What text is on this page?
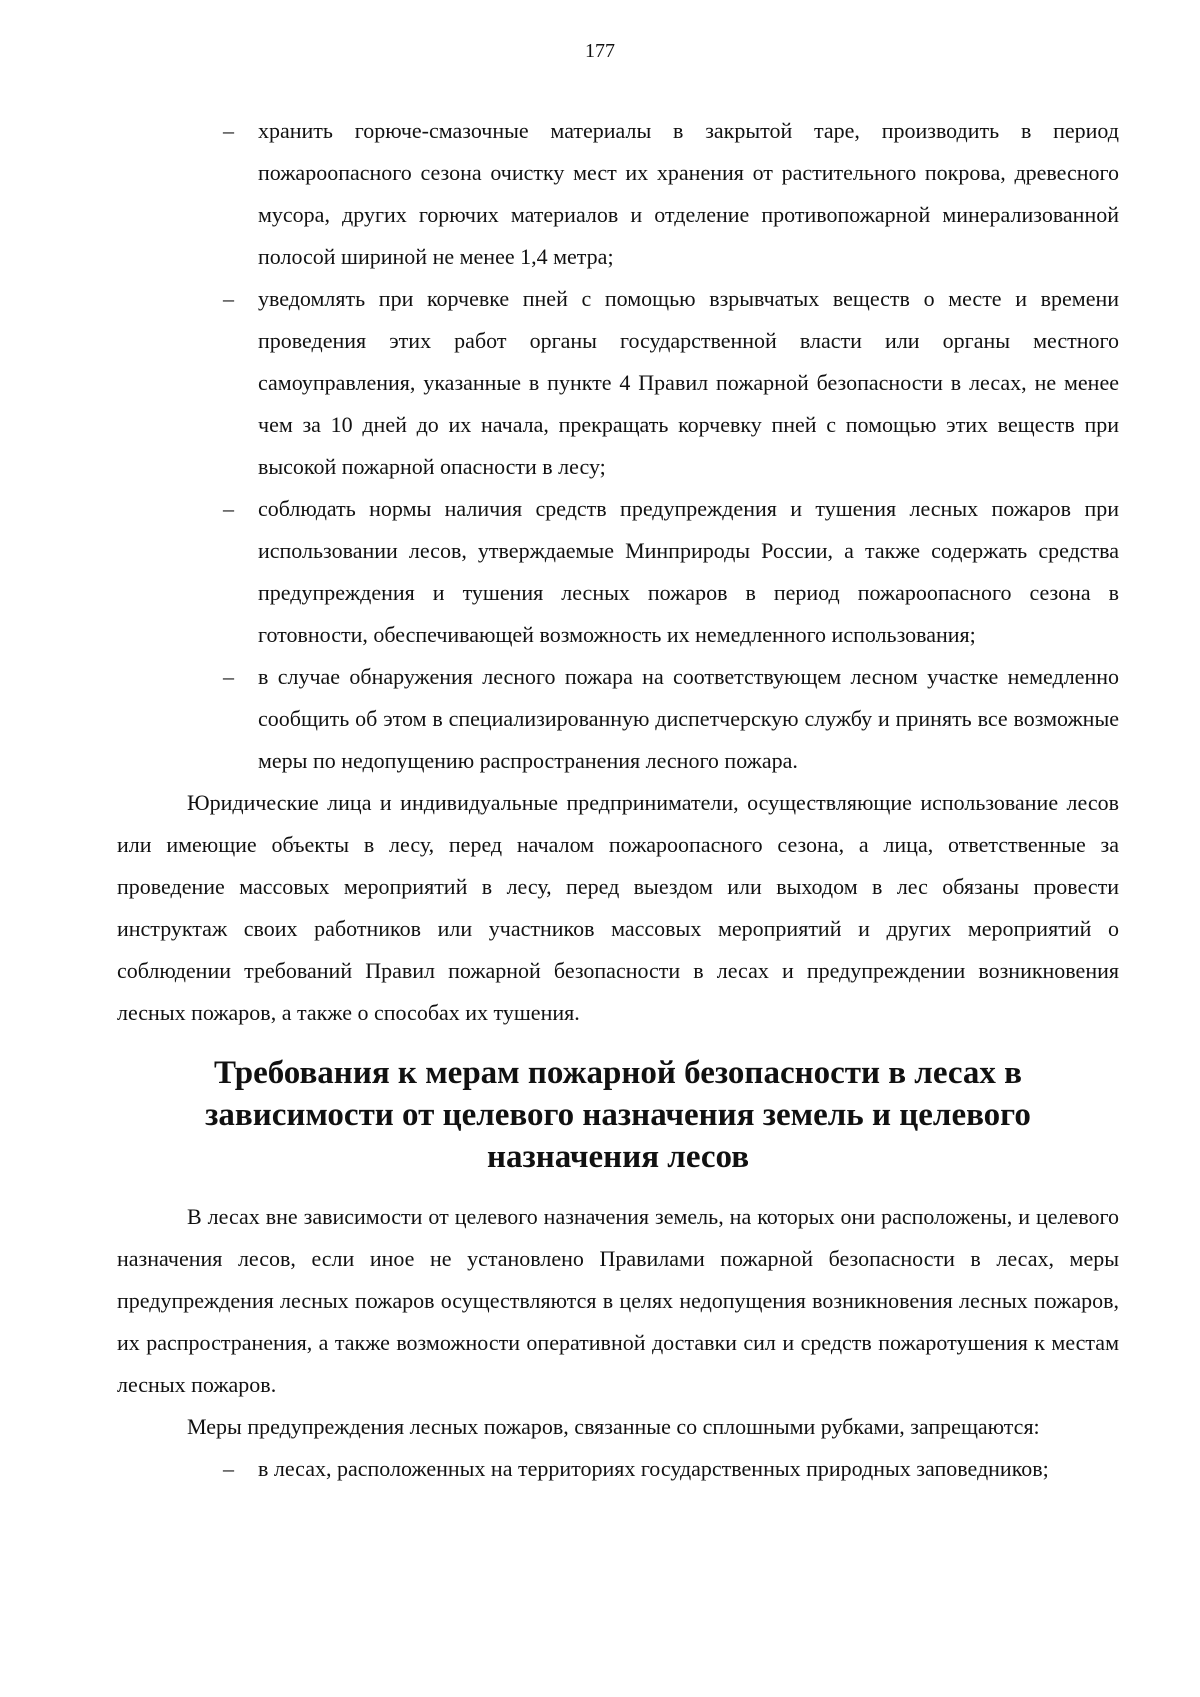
177
– хранить горюче-смазочные материалы в закрытой таре, производить в период пожароопасного сезона очистку мест их хранения от растительного покрова, древесного мусора, других горючих материалов и отделение противопожарной минерализованной полосой шириной не менее 1,4 метра;
– уведомлять при корчевке пней с помощью взрывчатых веществ о месте и времени проведения этих работ органы государственной власти или органы местного самоуправления, указанные в пункте 4 Правил пожарной безопасности в лесах, не менее чем за 10 дней до их начала, прекращать корчевку пней с помощью этих веществ при высокой пожарной опасности в лесу;
– соблюдать нормы наличия средств предупреждения и тушения лесных пожаров при использовании лесов, утверждаемые Минприроды России, а также содержать средства предупреждения и тушения лесных пожаров в период пожароопасного сезона в готовности, обеспечивающей возможность их немедленного использования;
– в случае обнаружения лесного пожара на соответствующем лесном участке немедленно сообщить об этом в специализированную диспетчерскую службу и принять все возможные меры по недопущению распространения лесного пожара.

Юридические лица и индивидуальные предприниматели, осуществляющие использование лесов или имеющие объекты в лесу, перед началом пожароопасного сезона, а лица, ответственные за проведение массовых мероприятий в лесу, перед выездом или выходом в лес обязаны провести инструктаж своих работников или участников массовых мероприятий и других мероприятий о соблюдении требований Правил пожарной безопасности в лесах и предупреждении возникновения лесных пожаров, а также о способах их тушения.

Требования к мерам пожарной безопасности в лесах в зависимости от целевого назначения земель и целевого назначения лесов

В лесах вне зависимости от целевого назначения земель, на которых они расположены, и целевого назначения лесов, если иное не установлено Правилами пожарной безопасности в лесах, меры предупреждения лесных пожаров осуществляются в целях недопущения возникновения лесных пожаров, их распространения, а также возможности оперативной доставки сил и средств пожаротушения к местам лесных пожаров.

Меры предупреждения лесных пожаров, связанные со сплошными рубками, запрещаются:

– в лесах, расположенных на территориях государственных природных заповедников;
